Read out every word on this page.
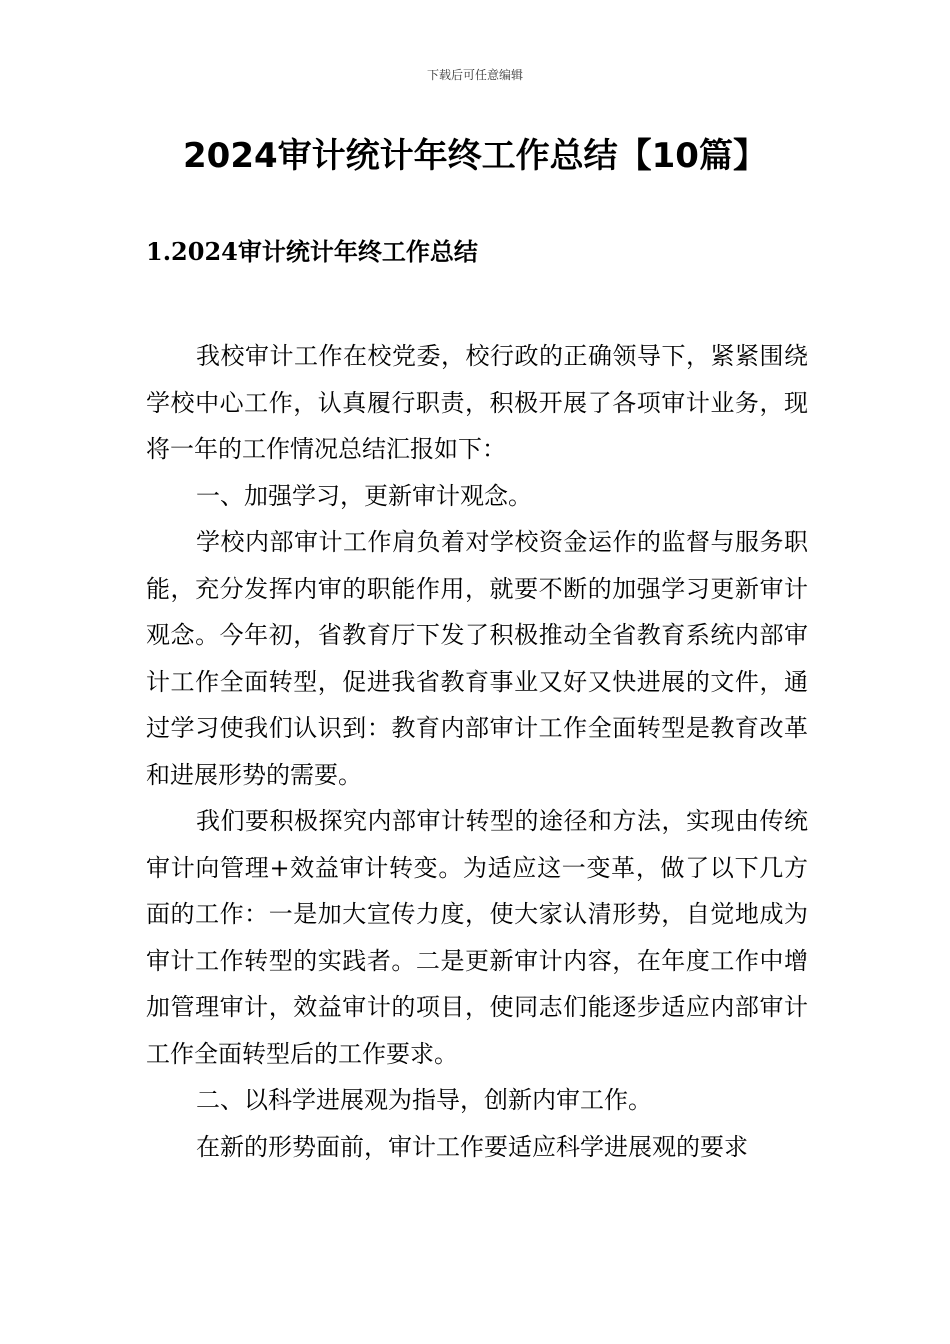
下载后可任意编辑
2024审计统计年终工作总结【10篇】
1.2024审计统计年终工作总结

我校审计工作在校党委，校行政的正确领导下，紧紧围绕学校中心工作，认真履行职责，积极开展了各项审计业务，现将一年的工作情况总结汇报如下：

一、加强学习，更新审计观念。

学校内部审计工作肩负着对学校资金运作的监督与服务职能，充分发挥内审的职能作用，就要不断的加强学习更新审计观念。今年初，省教育厅下发了积极推动全省教育系统内部审计工作全面转型，促进我省教育事业又好又快进展的文件，通过学习使我们认识到：教育内部审计工作全面转型是教育改革和进展形势的需要。

我们要积极探究内部审计转型的途径和方法，实现由传统审计向管理+效益审计转变。为适应这一变革，做了以下几方面的工作：一是加大宣传力度，使大家认清形势，自觉地成为审计工作转型的实践者。二是更新审计内容，在年度工作中增加管理审计，效益审计的项目，使同志们能逐步适应内部审计工作全面转型后的工作要求。

二、以科学进展观为指导，创新内审工作。

在新的形势面前，审计工作要适应科学进展观的要求
